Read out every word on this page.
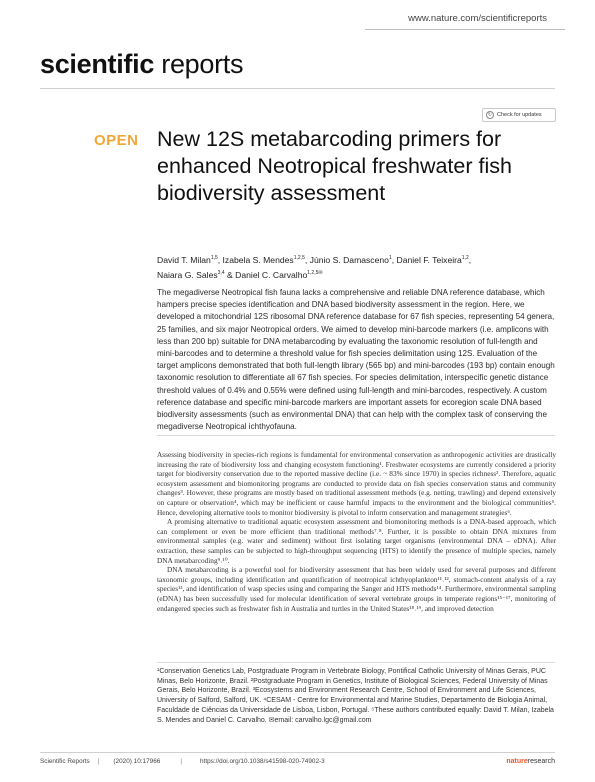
www.nature.com/scientificreports
scientific reports
↻ Check for updates
OPEN New 12S metabarcoding primers for enhanced Neotropical freshwater fish biodiversity assessment
David T. Milan$^{1,5}$, Izabela S. Mendes$^{1,2,5}$, Júnio S. Damasceno$^1$, Daniel F. Teixeira$^{1,2}$,
Naiara G. Sales$^{3,4}$ & Daniel C. Carvalho$^{1,2,5✉}$

The megadiverse Neotropical fish fauna lacks a comprehensive and reliable DNA reference database, which hampers precise species identification and DNA based biodiversity assessment in the region. Here, we developed a mitochondrial 12S ribosomal DNA reference database for 67 fish species, representing 54 genera, 25 families, and six major Neotropical orders. We aimed to develop mini-barcode markers (i.e. amplicons with less than 200 bp) suitable for DNA metabarcoding by evaluating the taxonomic resolution of full-length and mini-barcodes and to determine a threshold value for fish species delimitation using 12S. Evaluation of the target amplicons demonstrated that both full-length library (565 bp) and mini-barcodes (193 bp) contain enough taxonomic resolution to differentiate all 67 fish species. For species delimitation, interspecific genetic distance threshold values of 0.4% and 0.55% were defined using full-length and mini-barcodes, respectively. A custom reference database and specific mini-barcode markers are important assets for ecoregion scale DNA based biodiversity assessments (such as environmental DNA) that can help with the complex task of conserving the megadiverse Neotropical ichthyofauna.

Assessing biodiversity in species-rich regions is fundamental for environmental conservation as anthropogenic activities are drastically increasing the rate of biodiversity loss and changing ecosystem functioning¹. Freshwater ecosystems are currently considered a priority target for biodiversity conservation due to the reported massive decline (i.e. ~ 83% since 1970) in species richness². Therefore, aquatic ecosystem assessment and biomonitoring programs are conducted to provide data on fish species conservation status and community changes³. However, these programs are mostly based on traditional assessment methods (e.g. netting, trawling) and depend extensively on capture or observation⁴, which may be inefficient or cause harmful impacts to the environment and the biological communities⁵. Hence, developing alternative tools to monitor biodiversity is pivotal to inform conservation and management strategies⁶.

A promising alternative to traditional aquatic ecosystem assessment and biomonitoring methods is a DNA-based approach, which can complement or even be more efficient than traditional methods⁷˒⁸. Further, it is possible to obtain DNA mixtures from environmental samples (e.g. water and sediment) without first isolating target organisms (environmental DNA – eDNA). After extraction, these samples can be subjected to high-throughput sequencing (HTS) to identify the presence of multiple species, namely DNA metabarcoding⁹˒¹⁰.

DNA metabarcoding is a powerful tool for biodiversity assessment that has been widely used for several purposes and different taxonomic groups, including identification and quantification of neotropical ichthyoplankton¹¹˒¹², stomach-content analysis of a ray species¹³, and identification of wasp species using and comparing the Sanger and HTS methods¹⁴. Furthermore, environmental sampling (eDNA) has been successfully used for molecular identification of several vertebrate groups in temperate regions¹⁵⁻¹⁷, monitoring of endangered species such as freshwater fish in Australia and turtles in the United States¹⁸˒¹⁹, and improved detection

¹Conservation Genetics Lab, Postgraduate Program in Vertebrate Biology, Pontifical Catholic University of Minas Gerais, PUC Minas, Belo Horizonte, Brazil. ²Postgraduate Program in Genetics, Institute of Biological Sciences, Federal University of Minas Gerais, Belo Horizonte, Brazil. ³Ecosystems and Environment Research Centre, School of Environment and Life Sciences, University of Salford, Salford, UK. ⁴CESAM - Centre for Environmental and Marine Studies, Departamento de Biologia Animal, Faculdade de Ciências da Universidade de Lisboa, Lisbon, Portugal. ⁵These authors contributed equally: David T. Milan, Izabela S. Mendes and Daniel C. Carvalho. ✉email: carvalho.lgc@gmail.com

Scientific Reports | (2020) 10:17966	|	https://doi.org/10.1038/s41598-020-74902-3	natureresearch
